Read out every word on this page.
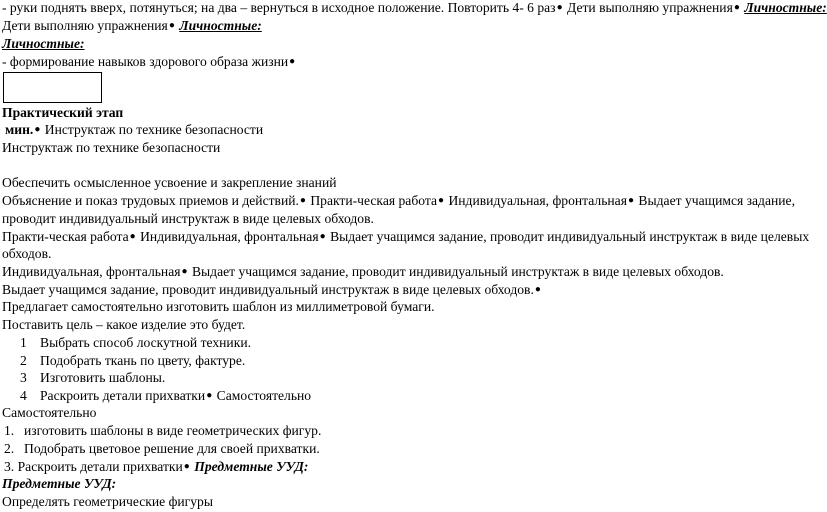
- руки поднять вверх, потянуться; на два – вернуться в исходное положение. Повторить 4- 6 раз● Дети выполняю упражнения● Личностные:
Дети выполняю упражнения● Личностные:
Личностные:
- формирование навыков здорового образа жизни●
Практический этап
мин.● Инструктаж по технике безопасности
Инструктаж по технике безопасности
Обеспечить осмысленное усвоение и закрепление знаний
Объяснение и показ трудовых приемов и действий.● Практи-ческая работа● Индивидуальная, фронтальная● Выдает учащимся задание,
проводит индивидуальный инструктаж в виде целевых обходов.
Практи-ческая работа● Индивидуальная, фронтальная● Выдает учащимся задание, проводит индивидуальный инструктаж в виде целевых
обходов.
Индивидуальная, фронтальная● Выдает учащимся задание, проводит индивидуальный инструктаж в виде целевых обходов.
Выдает учащимся задание, проводит индивидуальный инструктаж в виде целевых обходов.●
Предлагает самостоятельно изготовить шаблон из миллиметровой бумаги.
Поставить цель – какое изделие это будет.
1 Выбрать способ лоскутной техники.
2 Подобрать ткань по цвету, фактуре.
3 Изготовить шаблоны.
4 Раскроить детали прихватки● Самостоятельно
Самостоятельно
1. изготовить шаблоны в виде геометрических фигур.
2. Подобрать цветовое решение для своей прихватки.
3. Раскроить детали прихватки● Предметные УУД:
Предметные УУД:
Определять геометрические фигуры
